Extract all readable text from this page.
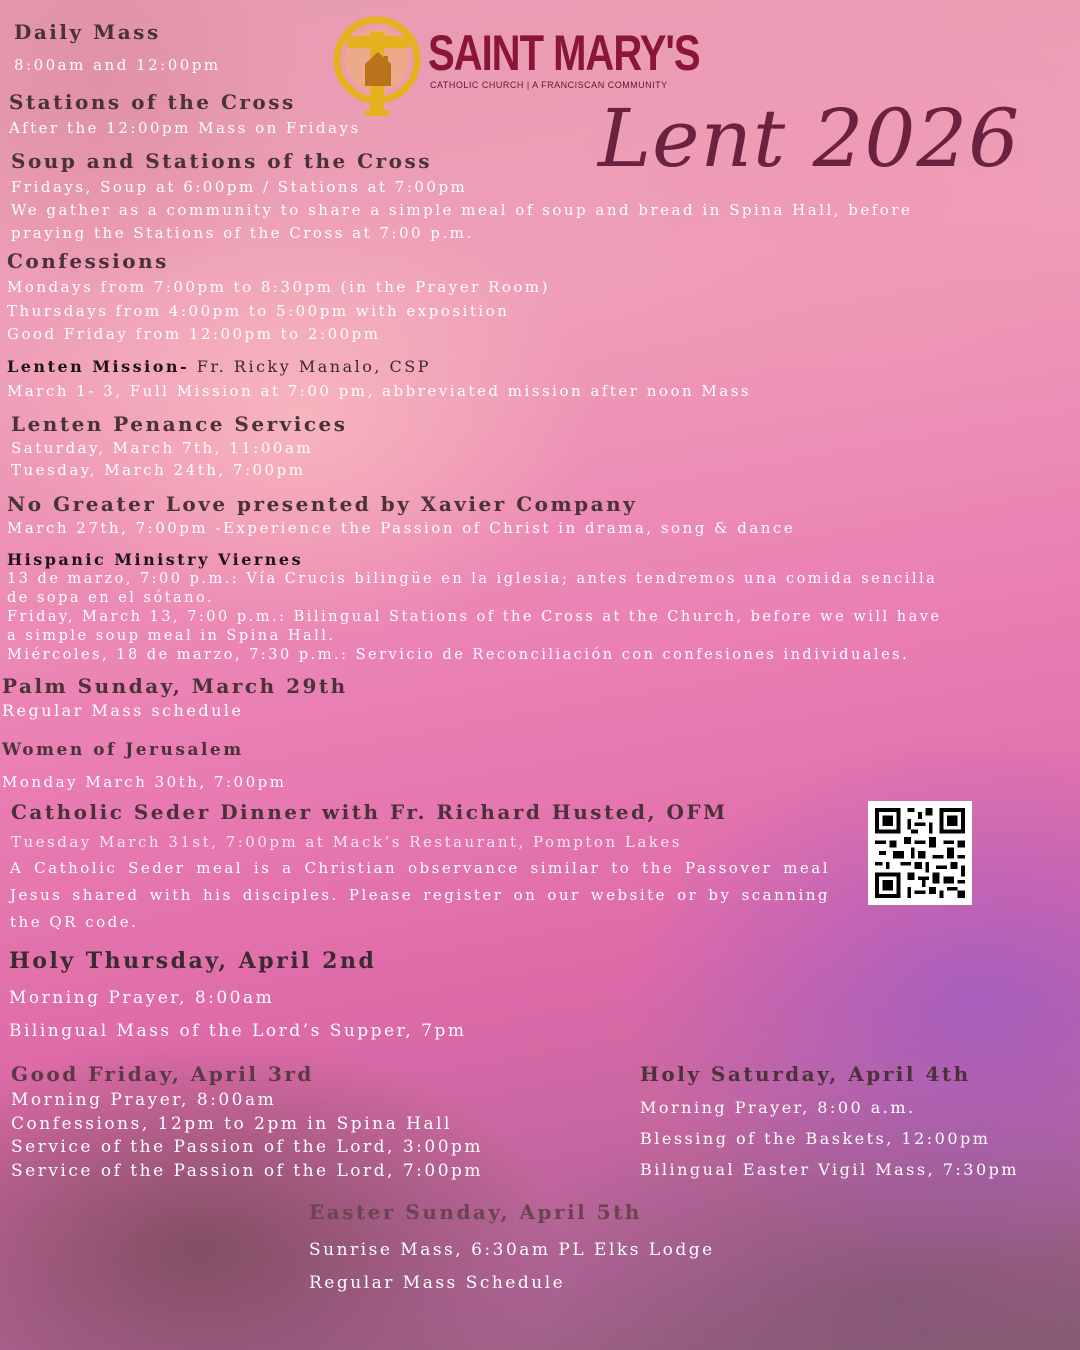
SAINT MARY'S
CATHOLIC CHURCH | A FRANCISCAN COMMUNITY
Lent 2026
Daily Mass
8:00am and 12:00pm
Stations of the Cross
After the 12:00pm Mass on Fridays
Soup and Stations of the Cross
Fridays, Soup at 6:00pm / Stations at 7:00pm
We gather as a community to share a simple meal of soup and bread in Spina Hall, before
praying the Stations of the Cross at 7:00 p.m.
Confessions
Mondays from 7:00pm to 8:30pm (in the Prayer Room)
Thursdays from 4:00pm to 5:00pm with exposition
Good Friday from 12:00pm to 2:00pm
Lenten Mission- Fr. Ricky Manalo, CSP
March 1- 3, Full Mission at 7:00 pm, abbreviated mission after noon Mass
Lenten Penance Services
Saturday, March 7th, 11:00am
Tuesday, March 24th, 7:00pm
No Greater Love presented by Xavier Company
March 27th, 7:00pm -Experience the Passion of Christ in drama, song & dance
Hispanic Ministry Viernes
13 de marzo, 7:00 p.m.: Vía Crucis bilingüe en la iglesia; antes tendremos una comida sencilla
de sopa en el sótano.
Friday, March 13, 7:00 p.m.: Bilingual Stations of the Cross at the Church, before we will have
a simple soup meal in Spina Hall.
Miércoles, 18 de marzo, 7:30 p.m.: Servicio de Reconciliación con confesiones individuales.
Palm Sunday, March 29th
Regular Mass schedule
Women of Jerusalem
Monday March 30th, 7:00pm
Catholic Seder Dinner with Fr. Richard Husted, OFM
Tuesday March 31st, 7:00pm at Mack’s Restaurant, Pompton Lakes
A Catholic Seder meal is a Christian observance similar to the Passover meal Jesus shared with his disciples. Please register on our website or by scanning the QR code.
Holy Thursday, April 2nd
Morning Prayer, 8:00am
Bilingual Mass of the Lord’s Supper, 7pm
Good Friday, April 3rd
Morning Prayer, 8:00am
Confessions, 12pm to 2pm in Spina Hall
Service of the Passion of the Lord, 3:00pm
Service of the Passion of the Lord, 7:00pm
Holy Saturday, April 4th
Morning Prayer, 8:00 a.m.
Blessing of the Baskets, 12:00pm
Bilingual Easter Vigil Mass, 7:30pm
Easter Sunday, April 5th
Sunrise Mass, 6:30am PL Elks Lodge
Regular Mass Schedule
